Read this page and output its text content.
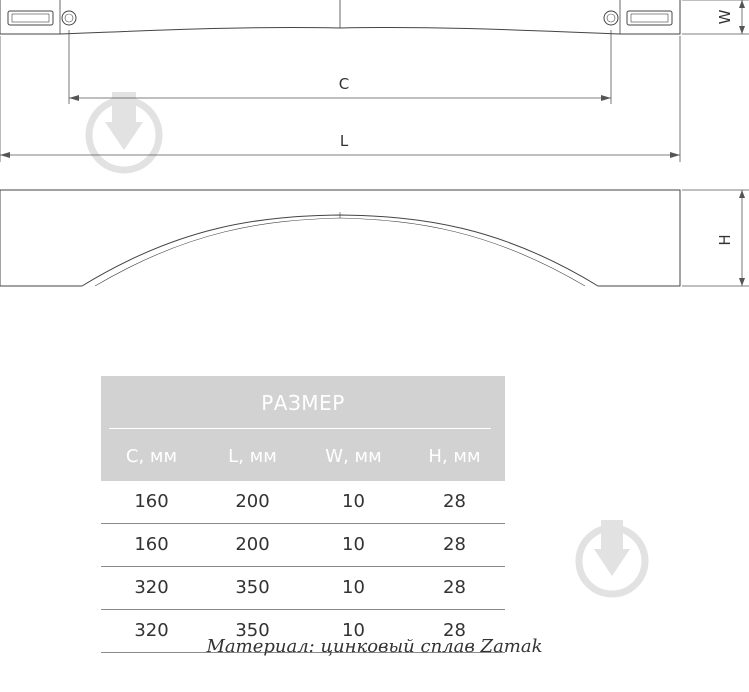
W
C
L
H
РАЗМЕР
C, мм	L, мм	W, мм	H, мм
160	200	10	28
160	200	10	28
320	350	10	28
320	350	10	28
Материал: цинковый сплав Zamak
